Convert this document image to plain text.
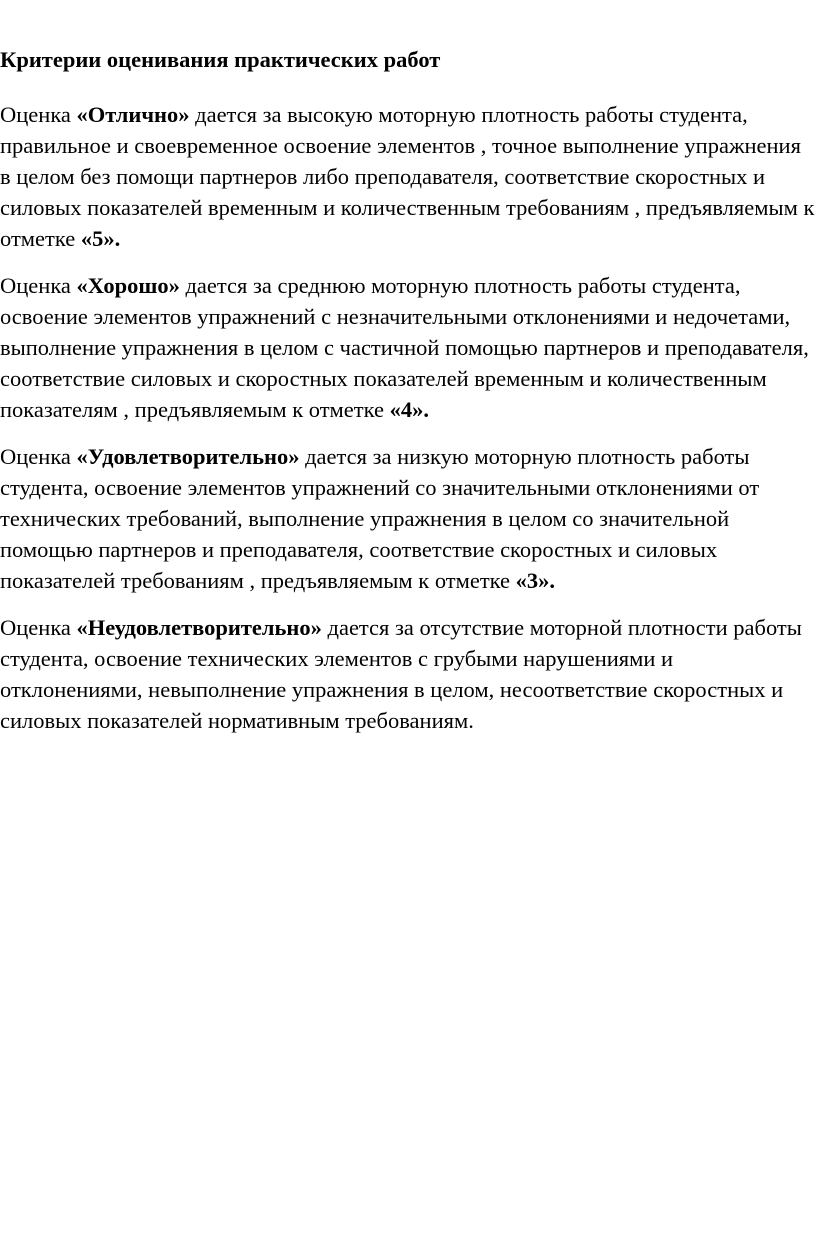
Критерии оценивания практических работ

Оценка «Отлично» дается за высокую моторную плотность работы студента, правильное и своевременное освоение элементов , точное выполнение упражнения в целом без помощи партнеров либо преподавателя, соответствие скоростных и силовых показателей временным и количественным требованиям , предъявляемым к отметке «5».

Оценка «Хорошо» дается за среднюю моторную плотность работы студента, освоение элементов упражнений с незначительными отклонениями и недочетами, выполнение упражнения в целом с частичной помощью партнеров и преподавателя, соответствие силовых и скоростных показателей временным и количественным показателям , предъявляемым к отметке «4».

Оценка «Удовлетворительно» дается за низкую моторную плотность работы студента, освоение элементов упражнений со значительными отклонениями от технических требований, выполнение упражнения в целом со значительной помощью партнеров и преподавателя, соответствие скоростных и силовых показателей требованиям , предъявляемым к отметке «3».

Оценка «Неудовлетворительно» дается за отсутствие моторной плотности работы студента, освоение технических элементов с грубыми нарушениями и отклонениями, невыполнение упражнения в целом, несоответствие скоростных и силовых показателей нормативным требованиям.
